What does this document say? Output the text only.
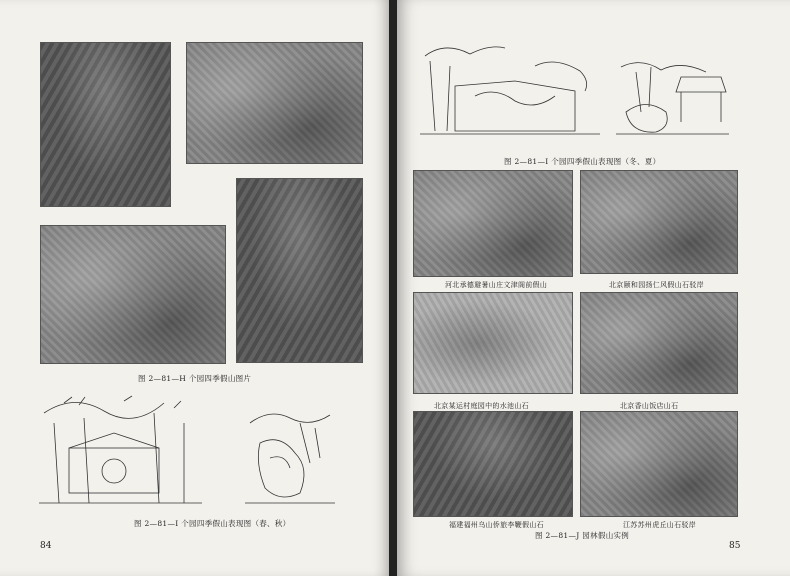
图 2—81—H 个园四季假山图片
图 2—81—I 个园四季假山表现图（春、秋）
84
图 2—81—I 个园四季假山表现图（冬、夏）
河北承德避暑山庄文津阁前假山	北京颐和园扬仁风假山石驳岸
北京某运村庭园中的水池山石	北京香山饭店山石
福建福州乌山侨旅李鞭假山石	江苏苏州虎丘山石驳岸
图 2—81—J 园林假山实例
85
